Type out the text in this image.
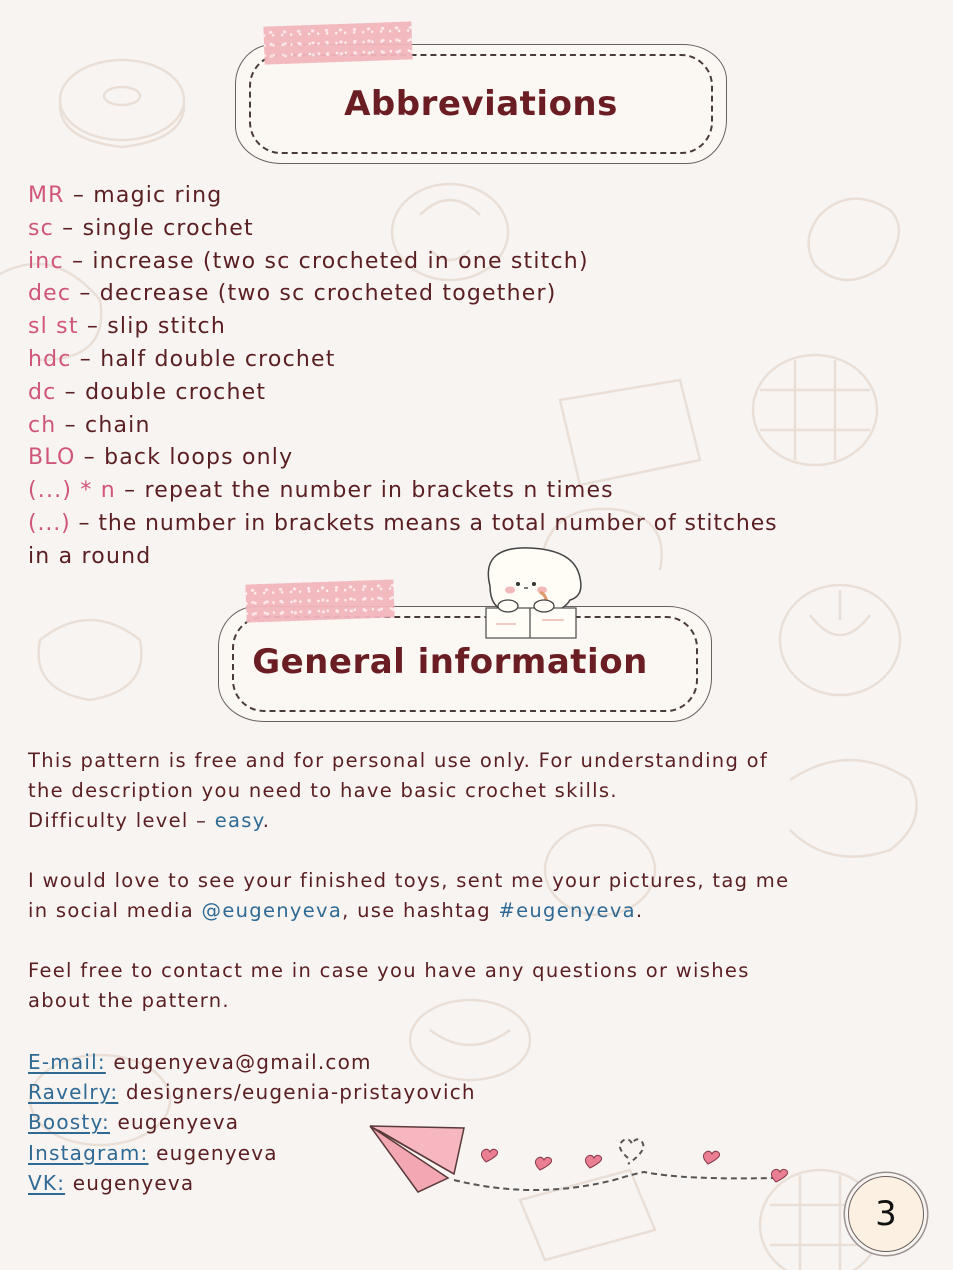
Abbreviations
MR – magic ring
sc – single crochet
inc – increase (two sc crocheted in one stitch)
dec – decrease (two sc crocheted together)
sl st – slip stitch
hdc – half double crochet
dc – double crochet
ch – chain
BLO – back loops only
(...) * n – repeat the number in brackets n times
(...) – the number in brackets means a total number of stitches
in a round
General information

This pattern is free and for personal use only. For understanding of
the description you need to have basic crochet skills.
Difficulty level – easy.

I would love to see your finished toys, sent me your pictures, tag me
in social media @eugenyeva, use hashtag #eugenyeva.

Feel free to contact me in case you have any questions or wishes
about the pattern.

E-mail: eugenyeva@gmail.com
Ravelry: designers/eugenia-pristayovich
Boosty: eugenyeva
Instagram: eugenyeva
VK: eugenyeva
3
